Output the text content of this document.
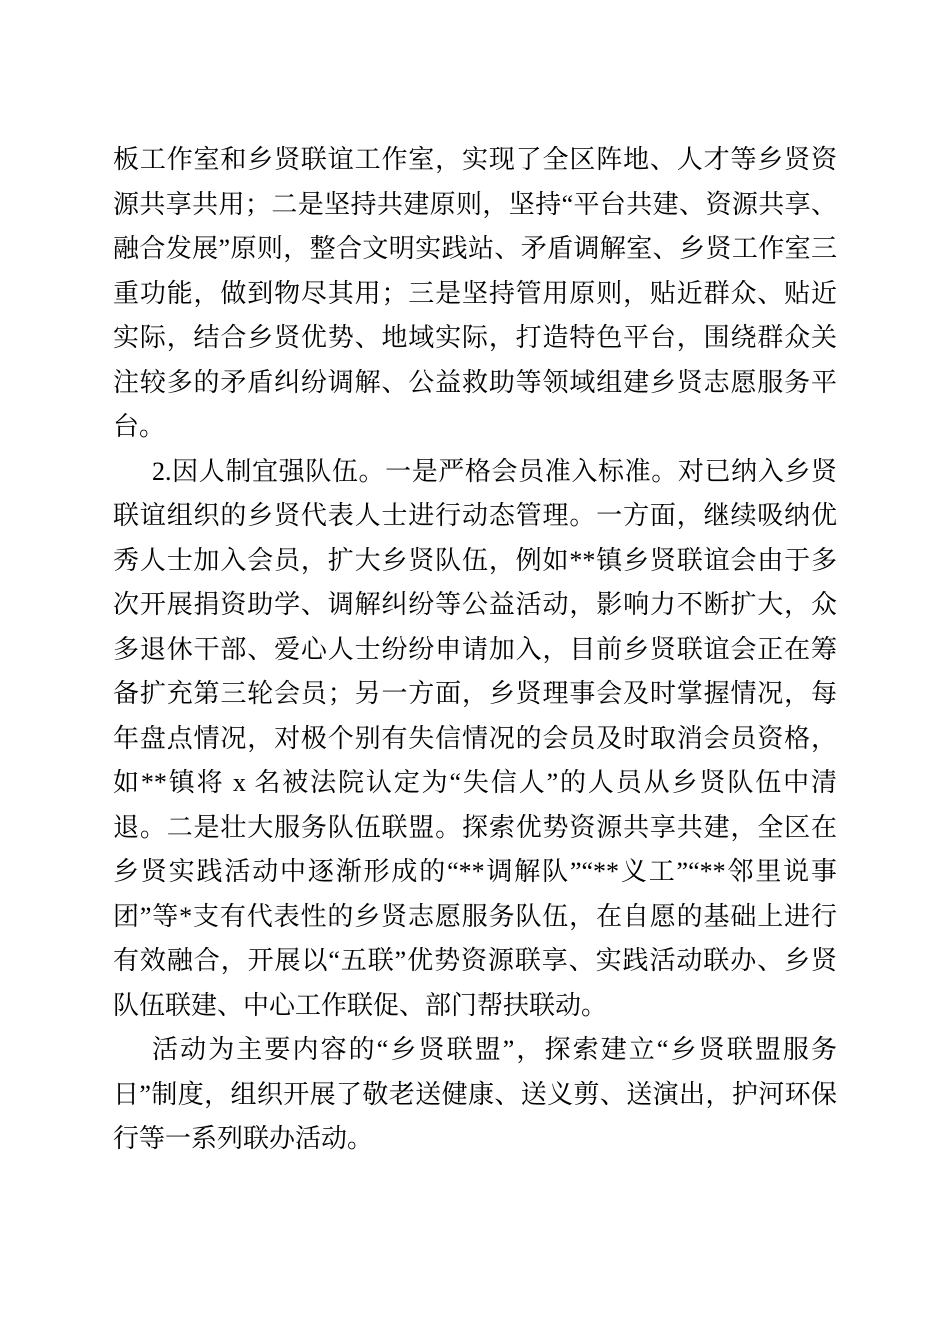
板工作室和乡贤联谊工作室，实现了全区阵地、人才等乡贤资源共享共用；二是坚持共建原则，坚持“平台共建、资源共享、融合发展”原则，整合文明实践站、矛盾调解室、乡贤工作室三重功能，做到物尽其用；三是坚持管用原则，贴近群众、贴近实际，结合乡贤优势、地域实际，打造特色平台，围绕群众关注较多的矛盾纠纷调解、公益救助等领域组建乡贤志愿服务平台。

2.因人制宜强队伍。一是严格会员准入标准。对已纳入乡贤联谊组织的乡贤代表人士进行动态管理。一方面，继续吸纳优秀人士加入会员，扩大乡贤队伍，例如**镇乡贤联谊会由于多次开展捐资助学、调解纠纷等公益活动，影响力不断扩大，众多退休干部、爱心人士纷纷申请加入，目前乡贤联谊会正在筹备扩充第三轮会员；另一方面，乡贤理事会及时掌握情况，每年盘点情况，对极个别有失信情况的会员及时取消会员资格，如**镇将 x 名被法院认定为“失信人”的人员从乡贤队伍中清退。二是壮大服务队伍联盟。探索优势资源共享共建，全区在乡贤实践活动中逐渐形成的“**调解队”“**义工”“**邻里说事团”等*支有代表性的乡贤志愿服务队伍，在自愿的基础上进行有效融合，开展以“五联”优势资源联享、实践活动联办、乡贤队伍联建、中心工作联促、部门帮扶联动。

活动为主要内容的“乡贤联盟”，探索建立“乡贤联盟服务日”制度，组织开展了敬老送健康、送义剪、送演出，护河环保行等一系列联办活动。
